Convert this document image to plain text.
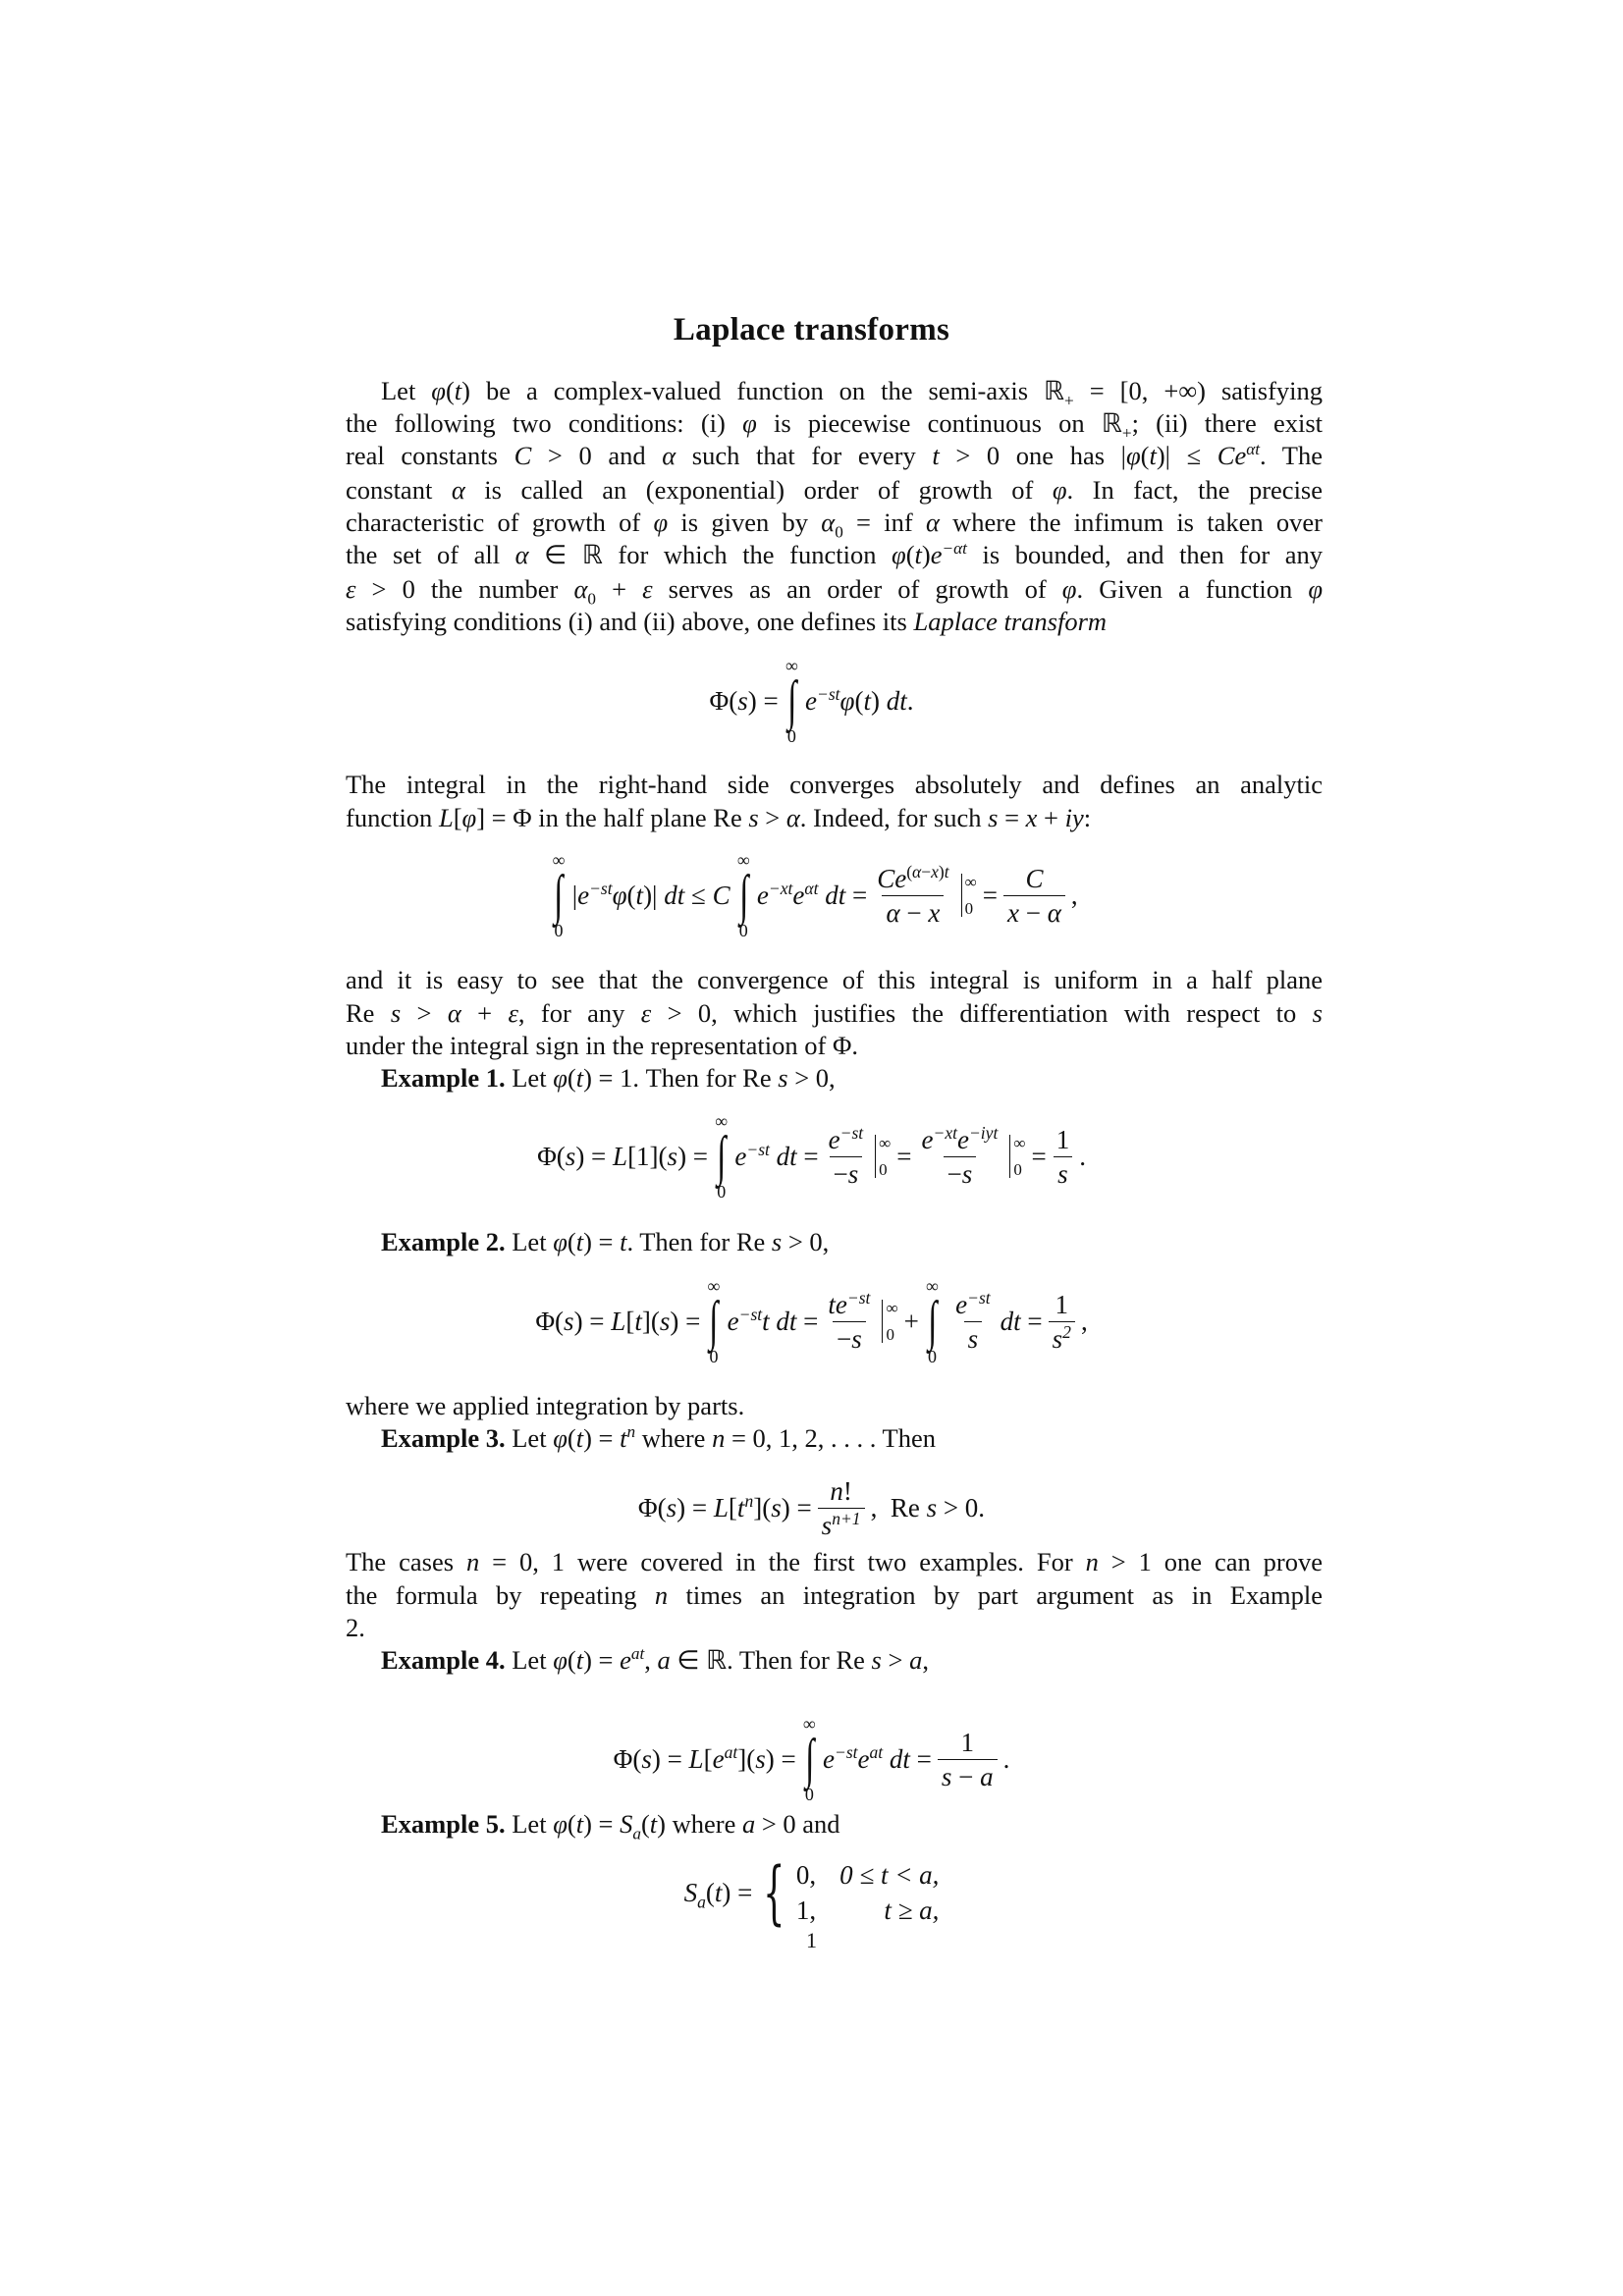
Laplace transforms
Let φ(t) be a complex-valued function on the semi-axis ℝ$_+$ = [0, +∞) satisfying
the following two conditions: (i) φ is piecewise continuous on ℝ$_+$; (ii) there exist
real constants C > 0 and α such that for every t > 0 one has $|\varphi(t)| \le Ce^{\alpha t}$. The
constant α is called an (exponential) order of growth of φ. In fact, the precise
characteristic of growth of φ is given by $\alpha_0$ = inf α where the infimum is taken over
the set of all α ∈ ℝ for which the function $\varphi(t)e^{-\alpha t}$ is bounded, and then for any
ε > 0 the number $\alpha_0 + \varepsilon$ serves as an order of growth of φ. Given a function φ
satisfying conditions (i) and (ii) above, one defines its Laplace transform
Φ(s) =
∞
∫
0
$e^{-st}\varphi(t)$ dt.
The integral in the right-hand side converges absolutely and defines an analytic
function L[φ] = Φ in the half plane Re s > α. Indeed, for such s = x + iy:
∞
∫
0
$|e^{-st}\varphi(t)|$ dt ≤ C
∞
∫
0
$e^{-xt}e^{\alpha t}$ dt = $\frac{Ce^{(\alpha-x)t}}{\alpha - x}$ ∞
$0 = \frac{C}{x - \alpha}$ ,
and it is easy to see that the convergence of this integral is uniform in a half plane
Re s > α + ε, for any ε > 0, which justifies the differentiation with respect to s
under the integral sign in the representation of Φ.
Example 1. Let φ(t) = 1. Then for Re s > 0,
Φ(s) = L[1](s) =
∞
∫
0
$e^{-st}$ dt = $\frac{e^{-st}}{-s}$ ∞
$0 = \frac{e^{-xt}e^{-iyt}}{-s}$ ∞
$0 = \frac{1}{s}$ .
Example 2. Let φ(t) = t. Then for Re s > 0,
Φ(s) = L[t](s) =
∞
∫
0
$e^{-st}t$ dt = $\frac{te^{-st}}{-s}$ ∞
0 +
∞
∫
0
$\frac{e^{-st}}{s}$ dt = $\frac{1}{s^2}$ ,
where we applied integration by parts.
Example 3. Let $\varphi(t) = t^n$ where n = 0, 1, 2, . . . . Then
$\Phi(s) = L[t^n](s) = \frac{n!}{s^{n+1}}$ ,  Re s > 0.
The cases n = 0, 1 were covered in the first two examples. For n > 1 one can prove
the formula by repeating n times an integration by part argument as in Example
2.
Example 4. Let $\varphi(t) = e^{at}$, a ∈ ℝ. Then for Re s > a,
$\Phi(s) = L[e^{at}](s)$ =
∞
∫
0
$e^{-st}e^{at}$ dt = $\frac{1}{s - a}$ .
Example 5. Let $\varphi(t) = S_a(t)$ where a > 0 and
$S_a(t)$ = { 0, 0 ≤ t < a,
1,	t ≥ a,
1
